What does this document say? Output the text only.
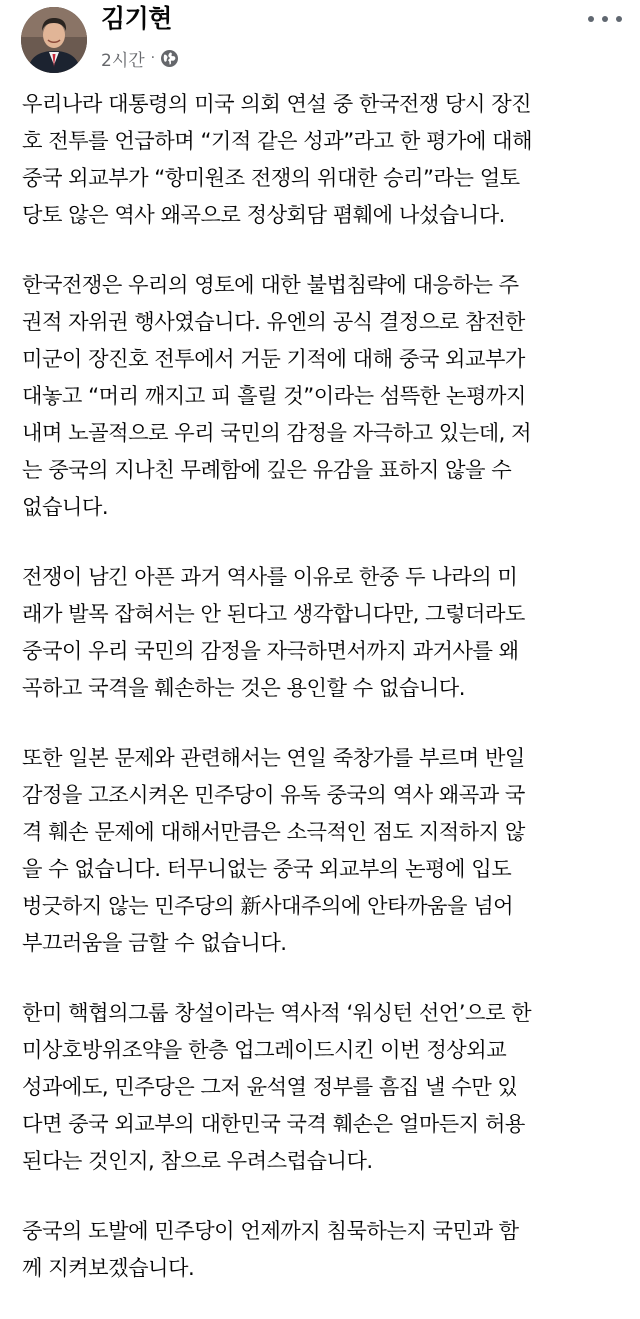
김기현
2시간 ·

우리나라 대통령의 미국 의회 연설 중 한국전쟁 당시 장진
호 전투를 언급하며 “기적 같은 성과”라고 한 평가에 대해
중국 외교부가 “항미원조 전쟁의 위대한 승리”라는 얼토
당토 않은 역사 왜곡으로 정상회담 폄훼에 나섰습니다.

한국전쟁은 우리의 영토에 대한 불법침략에 대응하는 주
권적 자위권 행사였습니다. 유엔의 공식 결정으로 참전한
미군이 장진호 전투에서 거둔 기적에 대해 중국 외교부가
대놓고 “머리 깨지고 피 흘릴 것”이라는 섬뜩한 논평까지
내며 노골적으로 우리 국민의 감정을 자극하고 있는데, 저
는 중국의 지나친 무례함에 깊은 유감을 표하지 않을 수
없습니다.

전쟁이 남긴 아픈 과거 역사를 이유로 한중 두 나라의 미
래가 발목 잡혀서는 안 된다고 생각합니다만, 그렇더라도
중국이 우리 국민의 감정을 자극하면서까지 과거사를 왜
곡하고 국격을 훼손하는 것은 용인할 수 없습니다.

또한 일본 문제와 관련해서는 연일 죽창가를 부르며 반일
감정을 고조시켜온 민주당이 유독 중국의 역사 왜곡과 국
격 훼손 문제에 대해서만큼은 소극적인 점도 지적하지 않
을 수 없습니다. 터무니없는 중국 외교부의 논평에 입도
벙긋하지 않는 민주당의 新사대주의에 안타까움을 넘어
부끄러움을 금할 수 없습니다.

한미 핵협의그룹 창설이라는 역사적 ‘워싱턴 선언’으로 한
미상호방위조약을 한층 업그레이드시킨 이번 정상외교
성과에도, 민주당은 그저 윤석열 정부를 흠집 낼 수만 있
다면 중국 외교부의 대한민국 국격 훼손은 얼마든지 허용
된다는 것인지, 참으로 우려스럽습니다.

중국의 도발에 민주당이 언제까지 침묵하는지 국민과 함
께 지켜보겠습니다.
